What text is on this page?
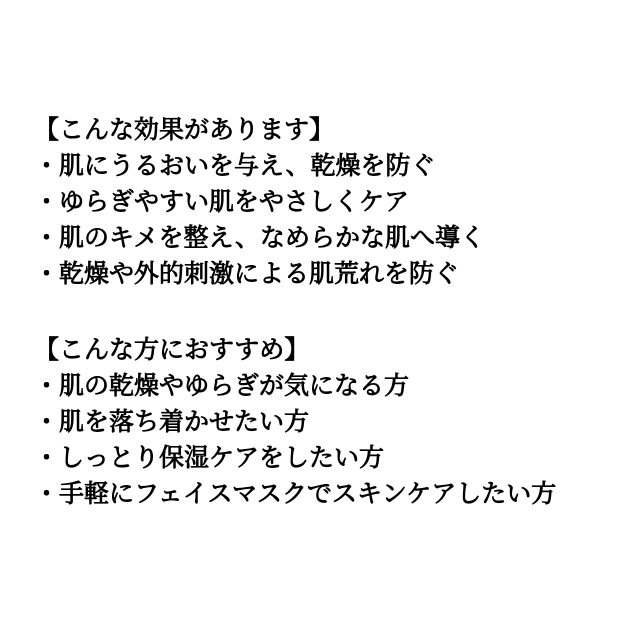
【こんな効果があります】
・肌にうるおいを与え、乾燥を防ぐ
・ゆらぎやすい肌をやさしくケア
・肌のキメを整え、なめらかな肌へ導く
・乾燥や外的刺激による肌荒れを防ぐ
【こんな方におすすめ】
・肌の乾燥やゆらぎが気になる方
・肌を落ち着かせたい方
・しっとり保湿ケアをしたい方
・手軽にフェイスマスクでスキンケアしたい方
